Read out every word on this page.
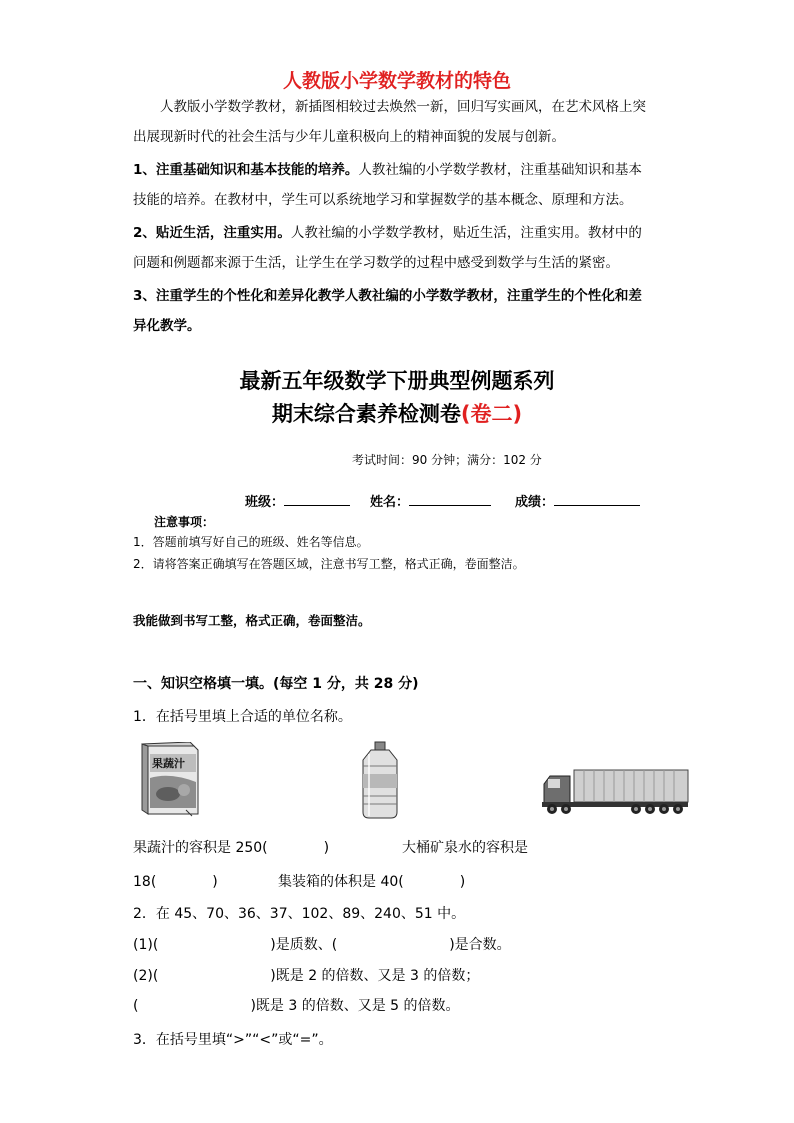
人教版小学数学教材的特色
人教版小学数学教材，新插图相较过去焕然一新，回归写实画风，在艺术风格上突
出展现新时代的社会生活与少年儿童积极向上的精神面貌的发展与创新。
1、注重基础知识和基本技能的培养。人教社编的小学数学教材，注重基础知识和基本
技能的培养。在教材中，学生可以系统地学习和掌握数学的基本概念、原理和方法。
2、贴近生活，注重实用。人教社编的小学数学教材，贴近生活，注重实用。教材中的
问题和例题都来源于生活，让学生在学习数学的过程中感受到数学与生活的紧密。
3、注重学生的个性化和差异化教学人教社编的小学数学教材，注重学生的个性化和差
异化教学。
最新五年级数学下册典型例题系列
期末综合素养检测卷(卷二)
考试时间：90 分钟；满分：102 分
班级：	姓名：	成绩：
注意事项：
1．答题前填写好自己的班级、姓名等信息。
2．请将答案正确填写在答题区域，注意书写工整，格式正确，卷面整洁。
我能做到书写工整，格式正确，卷面整洁。
一、知识空格填一填。(每空 1 分，共 28 分)
1．在括号里填上合适的单位名称。
果蔬汁
果蔬汁的容积是 250(　　　　)	大桶矿泉水的容积是
18(　　　　)	集装箱的体积是 40(　　　　)
2．在 45、70、36、37、102、89、240、51 中。
(1)(　　　　　　　　)是质数、(　　　　　　　　)是合数。
(2)(　　　　　　　　)既是 2 的倍数、又是 3 的倍数；
(　　　　　　　　)既是 3 的倍数、又是 5 的倍数。
3．在括号里填“>”“<”或“=”。
